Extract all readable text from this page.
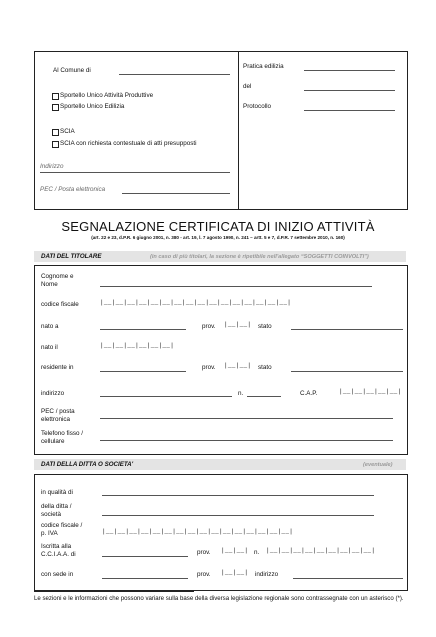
Al Comune di
Sportello Unico Attività Produttive
Sportello Unico Edilizia
SCIA
SCIA con richiesta contestuale di atti presupposti
Indirizzo
PEC / Posta elettronica
Pratica edilizia
del
Protocollo
SEGNALAZIONE CERTIFICATA DI INIZIO ATTIVITÀ
(art. 22 e 23, d.P.R. 6 giugno 2001, n. 380 - art. 19, l. 7 agosto 1990, n. 241 – artt. 5 e 7, d.P.R. 7 settembre 2010, n. 160)
DATI DEL TITOLARE	(in caso di più titolari, la sezione è ripetibile nell'allegato “SOGGETTI COINVOLTI”)
Cognome e
Nome
codice fiscale	|__|__|__|__|__|__|__|__|__|__|__|__|__|__|__|__|
nato a	prov. |__|__| stato
nato il	|__|__|__|__|__|__|
residente in	prov. |__|__| stato
indirizzo	n.	C.A.P.	|__|__|__|__|__|
PEC / posta
elettronica
Telefono fisso /
cellulare
DATI DELLA DITTA O SOCIETA'	(eventuale)
in qualità di
della ditta /
società
codice fiscale /
p. IVA	|__|__|__|__|__|__|__|__|__|__|__|__|__|__|__|__|
Iscritta alla
C.C.I.A.A. di	prov. |__|__| n. |__|__|__|__|__|__|__|__|__|
con sede in	prov. |__|__| indirizzo
Le sezioni e le informazioni che possono variare sulla base della diversa legislazione regionale sono contrassegnate con un asterisco (*).
